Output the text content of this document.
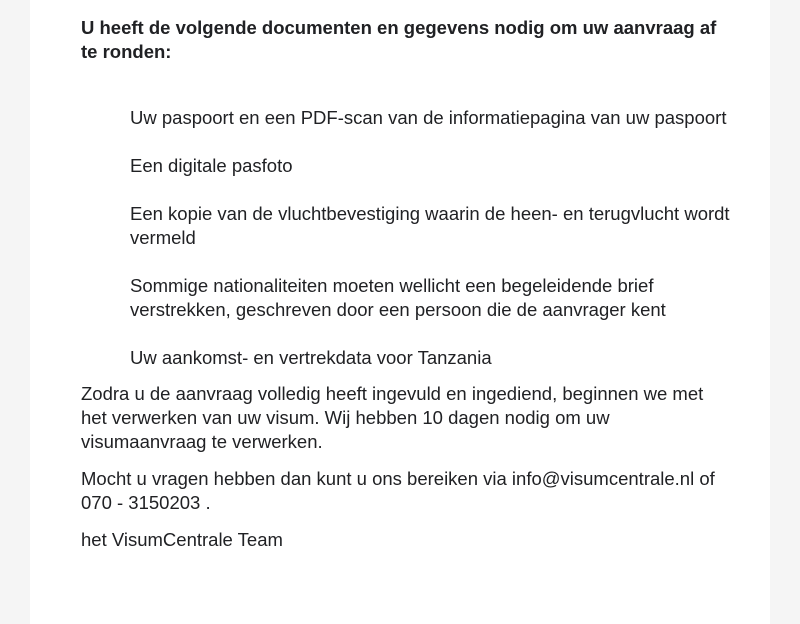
U heeft de volgende documenten en gegevens nodig om uw aanvraag af te ronden:

Uw paspoort en een PDF-scan van de informatiepagina van uw paspoort
Een digitale pasfoto
Een kopie van de vluchtbevestiging waarin de heen- en terugvlucht wordt vermeld
Sommige nationaliteiten moeten wellicht een begeleidende brief verstrekken, geschreven door een persoon die de aanvrager kent
Uw aankomst- en vertrekdata voor Tanzania

Zodra u de aanvraag volledig heeft ingevuld en ingediend, beginnen we met het verwerken van uw visum. Wij hebben 10 dagen nodig om uw visumaanvraag te verwerken.

Mocht u vragen hebben dan kunt u ons bereiken via info@visumcentrale.nl of 070 - 3150203 .

het VisumCentrale Team
